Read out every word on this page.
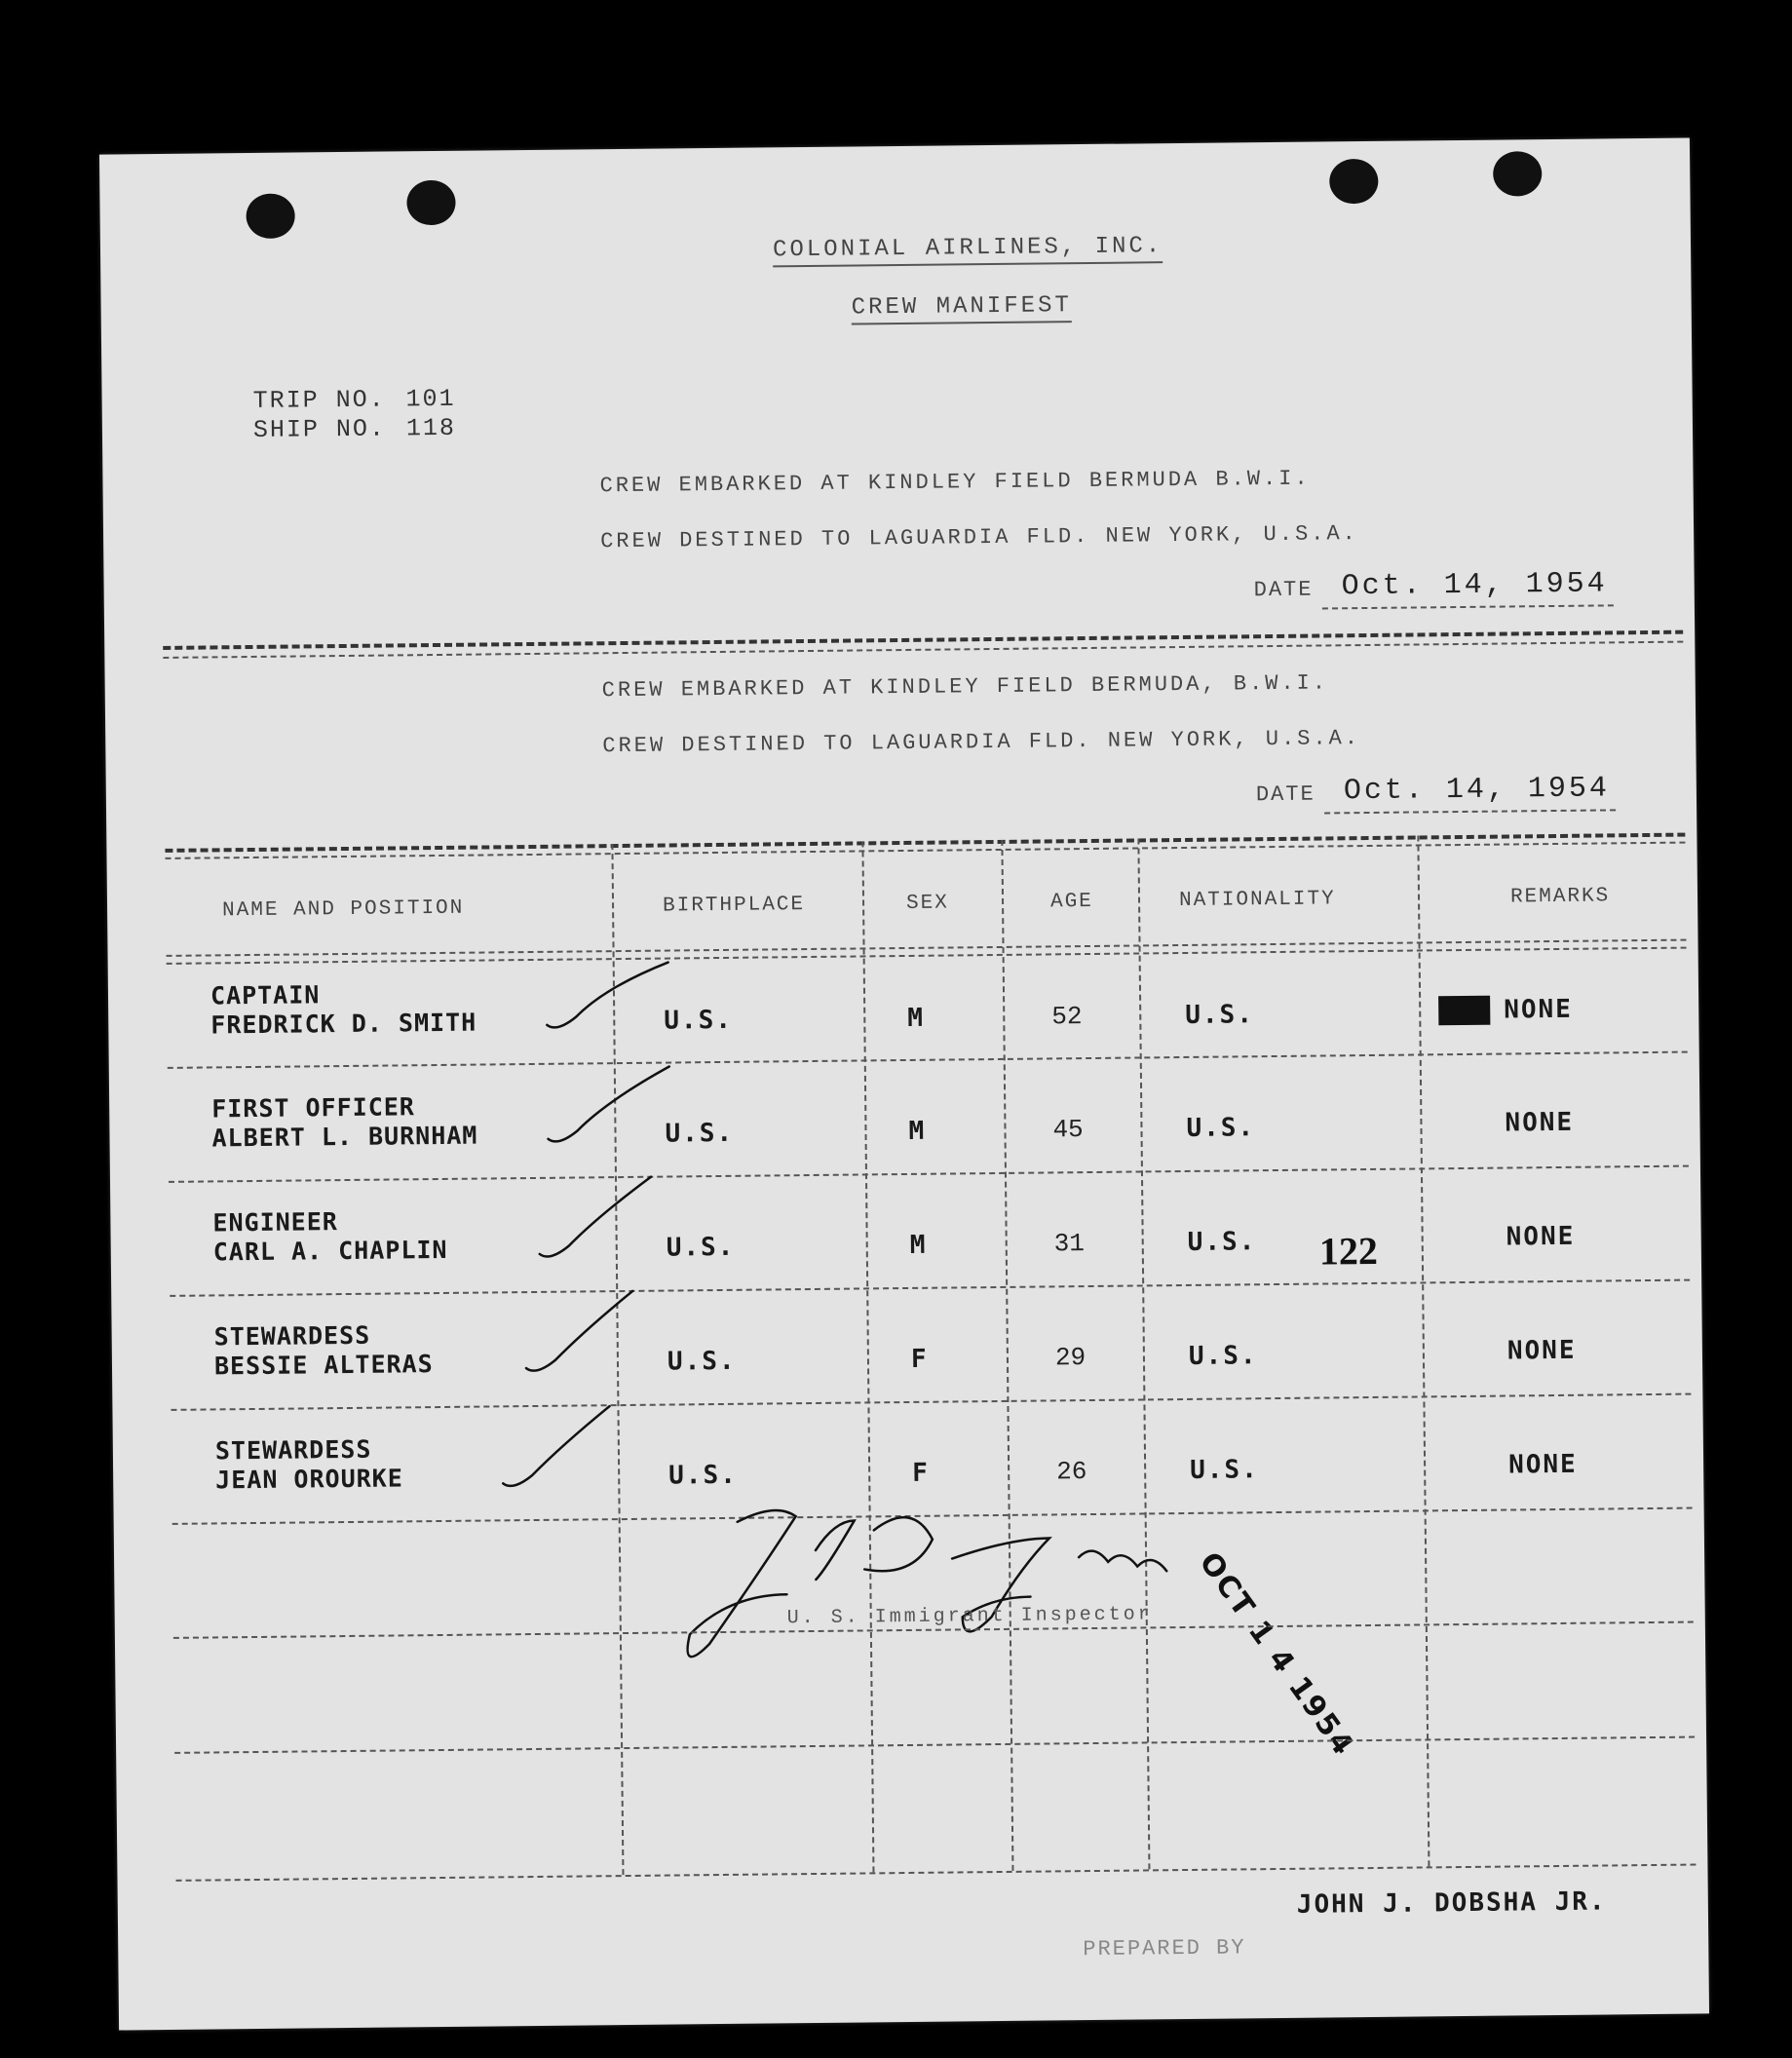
COLONIAL AIRLINES, INC.
CREW MANIFEST
TRIP NO. 101
SHIP NO. 118
CREW EMBARKED AT KINDLEY FIELD BERMUDA B.W.I.
CREW DESTINED TO LAGUARDIA FLD. NEW YORK, U.S.A.
DATE Oct. 14, 1954
CREW EMBARKED AT KINDLEY FIELD BERMUDA, B.W.I.
CREW DESTINED TO LAGUARDIA FLD. NEW YORK, U.S.A.
DATE Oct. 14, 1954
NAME AND POSITION	BIRTHPLACE	SEX	AGE	NATIONALITY	REMARKS
CAPTAIN
FREDRICK D. SMITH	U.S.	M	52	U.S.	XXX NONE
FIRST OFFICER
ALBERT L. BURNHAM	U.S.	M	45	U.S.	NONE
ENGINEER
CARL A. CHAPLIN	U.S.	M	31	U.S. 122	NONE
STEWARDESS
BESSIE ALTERAS	U.S.	F	29	U.S.	NONE
STEWARDESS
JEAN OROURKE	U.S.	F	26	U.S.	NONE
U. S. Immigrant Inspector OCT 1 4 1954
JOHN J. DOBSHA JR.
PREPARED BY
